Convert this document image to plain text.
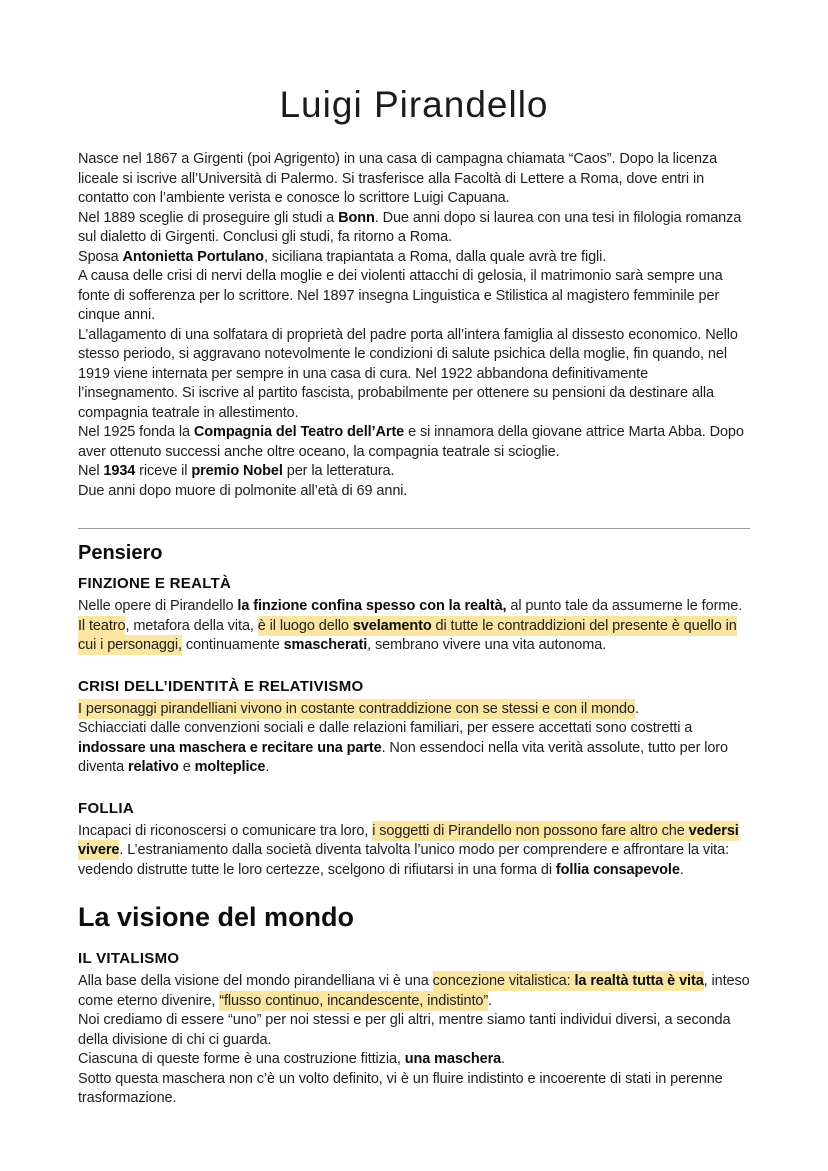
Luigi Pirandello

Nasce nel 1867 a Girgenti (poi Agrigento) in una casa di campagna chiamata “Caos”. Dopo la licenza liceale si iscrive all’Università di Palermo. Si trasferisce alla Facoltà di Lettere a Roma, dove entri in contatto con l’ambiente verista e conosce lo scrittore Luigi Capuana.
Nel 1889 sceglie di proseguire gli studi a Bonn. Due anni dopo si laurea con una tesi in filologia romanza sul dialetto di Girgenti. Conclusi gli studi, fa ritorno a Roma.
Sposa Antonietta Portulano, siciliana trapiantata a Roma, dalla quale avrà tre figli.
A causa delle crisi di nervi della moglie e dei violenti attacchi di gelosia, il matrimonio sarà sempre una fonte di sofferenza per lo scrittore. Nel 1897 insegna Linguistica e Stilistica al magistero femminile per cinque anni.
L’allagamento di una solfatara di proprietà del padre porta all’intera famiglia al dissesto economico. Nello stesso periodo, si aggravano notevolmente le condizioni di salute psichica della moglie, fin quando, nel 1919 viene internata per sempre in una casa di cura. Nel 1922 abbandona definitivamente l’insegnamento. Si iscrive al partito fascista, probabilmente per ottenere su pensioni da destinare alla compagnia teatrale in allestimento.
Nel 1925 fonda la Compagnia del Teatro dell’Arte e si innamora della giovane attrice Marta Abba. Dopo aver ottenuto successi anche oltre oceano, la compagnia teatrale si scioglie.
Nel 1934 riceve il premio Nobel per la letteratura.
Due anni dopo muore di polmonite all’età di 69 anni.

Pensiero
FINZIONE E REALTÀ

Nelle opere di Pirandello la finzione confina spesso con la realtà, al punto tale da assumerne le forme. Il teatro, metafora della vita, è il luogo dello svelamento di tutte le contraddizioni del presente è quello in cui i personaggi, continuamente smascherati, sembrano vivere una vita autonoma.

CRISI DELL’IDENTITÀ E RELATIVISMO

I personaggi pirandelliani vivono in costante contraddizione con se stessi e con il mondo.
Schiacciati dalle convenzioni sociali e dalle relazioni familiari, per essere accettati sono costretti a indossare una maschera e recitare una parte. Non essendoci nella vita verità assolute, tutto per loro diventa relativo e molteplice.

FOLLIA

Incapaci di riconoscersi o comunicare tra loro, i soggetti di Pirandello non possono fare altro che vedersi vivere. L’estraniamento dalla società diventa talvolta l’unico modo per comprendere e affrontare la vita: vedendo distrutte tutte le loro certezze, scelgono di rifiutarsi in una forma di follia consapevole.

La visione del mondo
IL VITALISMO

Alla base della visione del mondo pirandelliana vi è una concezione vitalistica: la realtà tutta è vita, inteso come eterno divenire, “flusso continuo, incandescente, indistinto”.
Noi crediamo di essere “uno” per noi stessi e per gli altri, mentre siamo tanti individui diversi, a seconda della divisione di chi ci guarda.
Ciascuna di queste forme è una costruzione fittizia, una maschera.
Sotto questa maschera non c’è un volto definito, vi è un fluire indistinto e incoerente di stati in perenne trasformazione.
